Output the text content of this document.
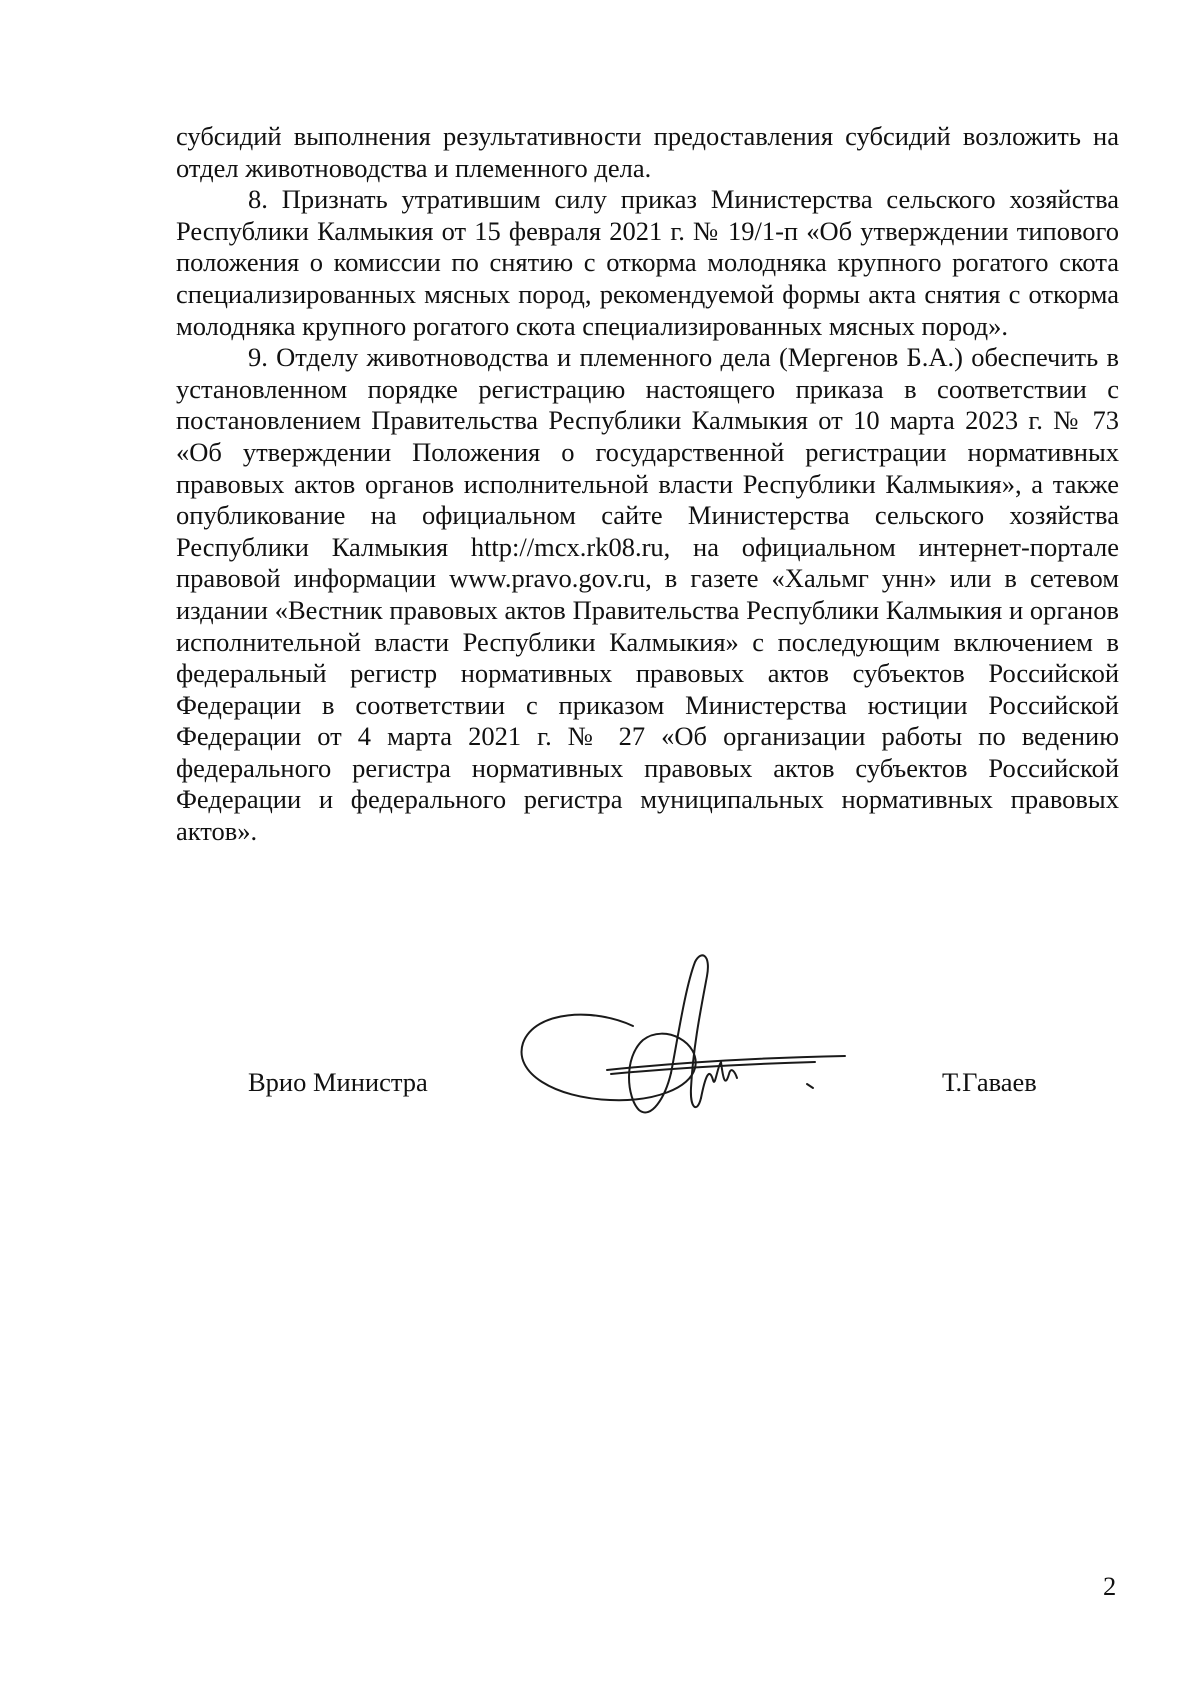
субсидий выполнения результативности предоставления субсидий возложить на отдел животноводства и племенного дела.

8. Признать утратившим силу приказ Министерства сельского хозяйства Республики Калмыкия от 15 февраля 2021 г. № 19/1-п «Об утверждении типового положения о комиссии по снятию с откорма молодняка крупного рогатого скота специализированных мясных пород, рекомендуемой формы акта снятия с откорма молодняка крупного рогатого скота специализированных мясных пород».

9. Отделу животноводства и племенного дела (Мергенов Б.А.) обеспечить в установленном порядке регистрацию настоящего приказа в соответствии с постановлением Правительства Республики Калмыкия от 10 марта 2023 г. № 73 «Об утверждении Положения о государственной регистрации нормативных правовых актов органов исполнительной власти Республики Калмыкия», а также опубликование на официальном сайте Министерства сельского хозяйства Республики Калмыкия http://mcx.rk08.ru, на официальном интернет-портале правовой информации www.pravo.gov.ru, в газете «Хальмг унн» или в сетевом издании «Вестник правовых актов Правительства Республики Калмыкия и органов исполнительной власти Республики Калмыкия» с последующим включением в федеральный регистр нормативных правовых актов субъектов Российской Федерации в соответствии с приказом Министерства юстиции Российской Федерации от 4 марта 2021 г. № 27 «Об организации работы по ведению федерального регистра нормативных правовых актов субъектов Российской Федерации и федерального регистра муниципальных нормативных правовых актов».

Врио Министра	Т.Гаваев
2
